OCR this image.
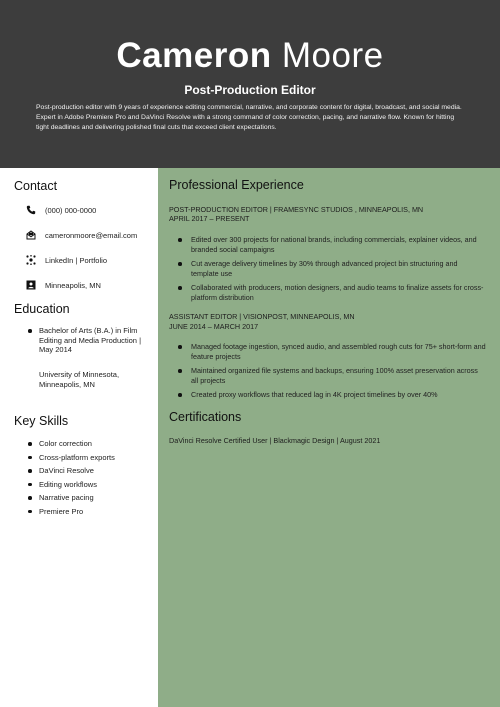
Cameron Moore
Post-Production Editor
Post-production editor with 9 years of experience editing commercial, narrative, and corporate content for digital, broadcast, and social media. Expert in Adobe Premiere Pro and DaVinci Resolve with a strong command of color correction, pacing, and narrative flow. Known for hitting tight deadlines and delivering polished final cuts that exceed client expectations.
Contact
(000) 000-0000
cameronmoore@email.com
LinkedIn | Portfolio
Minneapolis, MN
Education
Bachelor of Arts (B.A.) in Film Editing and Media Production | May 2014
University of Minnesota, Minneapolis, MN
Key Skills
Color correction
Cross-platform exports
DaVinci Resolve
Editing workflows
Narrative pacing
Premiere Pro
Professional Experience
POST-PRODUCTION EDITOR | FRAMESYNC STUDIOS , MINNEAPOLIS, MN
APRIL 2017 – PRESENT
Edited over 300 projects for national brands, including commercials, explainer videos, and branded social campaigns
Cut average delivery timelines by 30% through advanced project bin structuring and template use
Collaborated with producers, motion designers, and audio teams to finalize assets for cross-platform distribution
ASSISTANT EDITOR | VISIONPOST, MINNEAPOLIS, MN
JUNE 2014 – MARCH 2017
Managed footage ingestion, synced audio, and assembled rough cuts for 75+ short-form and feature projects
Maintained organized file systems and backups, ensuring 100% asset preservation across all projects
Created proxy workflows that reduced lag in 4K project timelines by over 40%
Certifications
DaVinci Resolve Certified User | Blackmagic Design | August 2021
